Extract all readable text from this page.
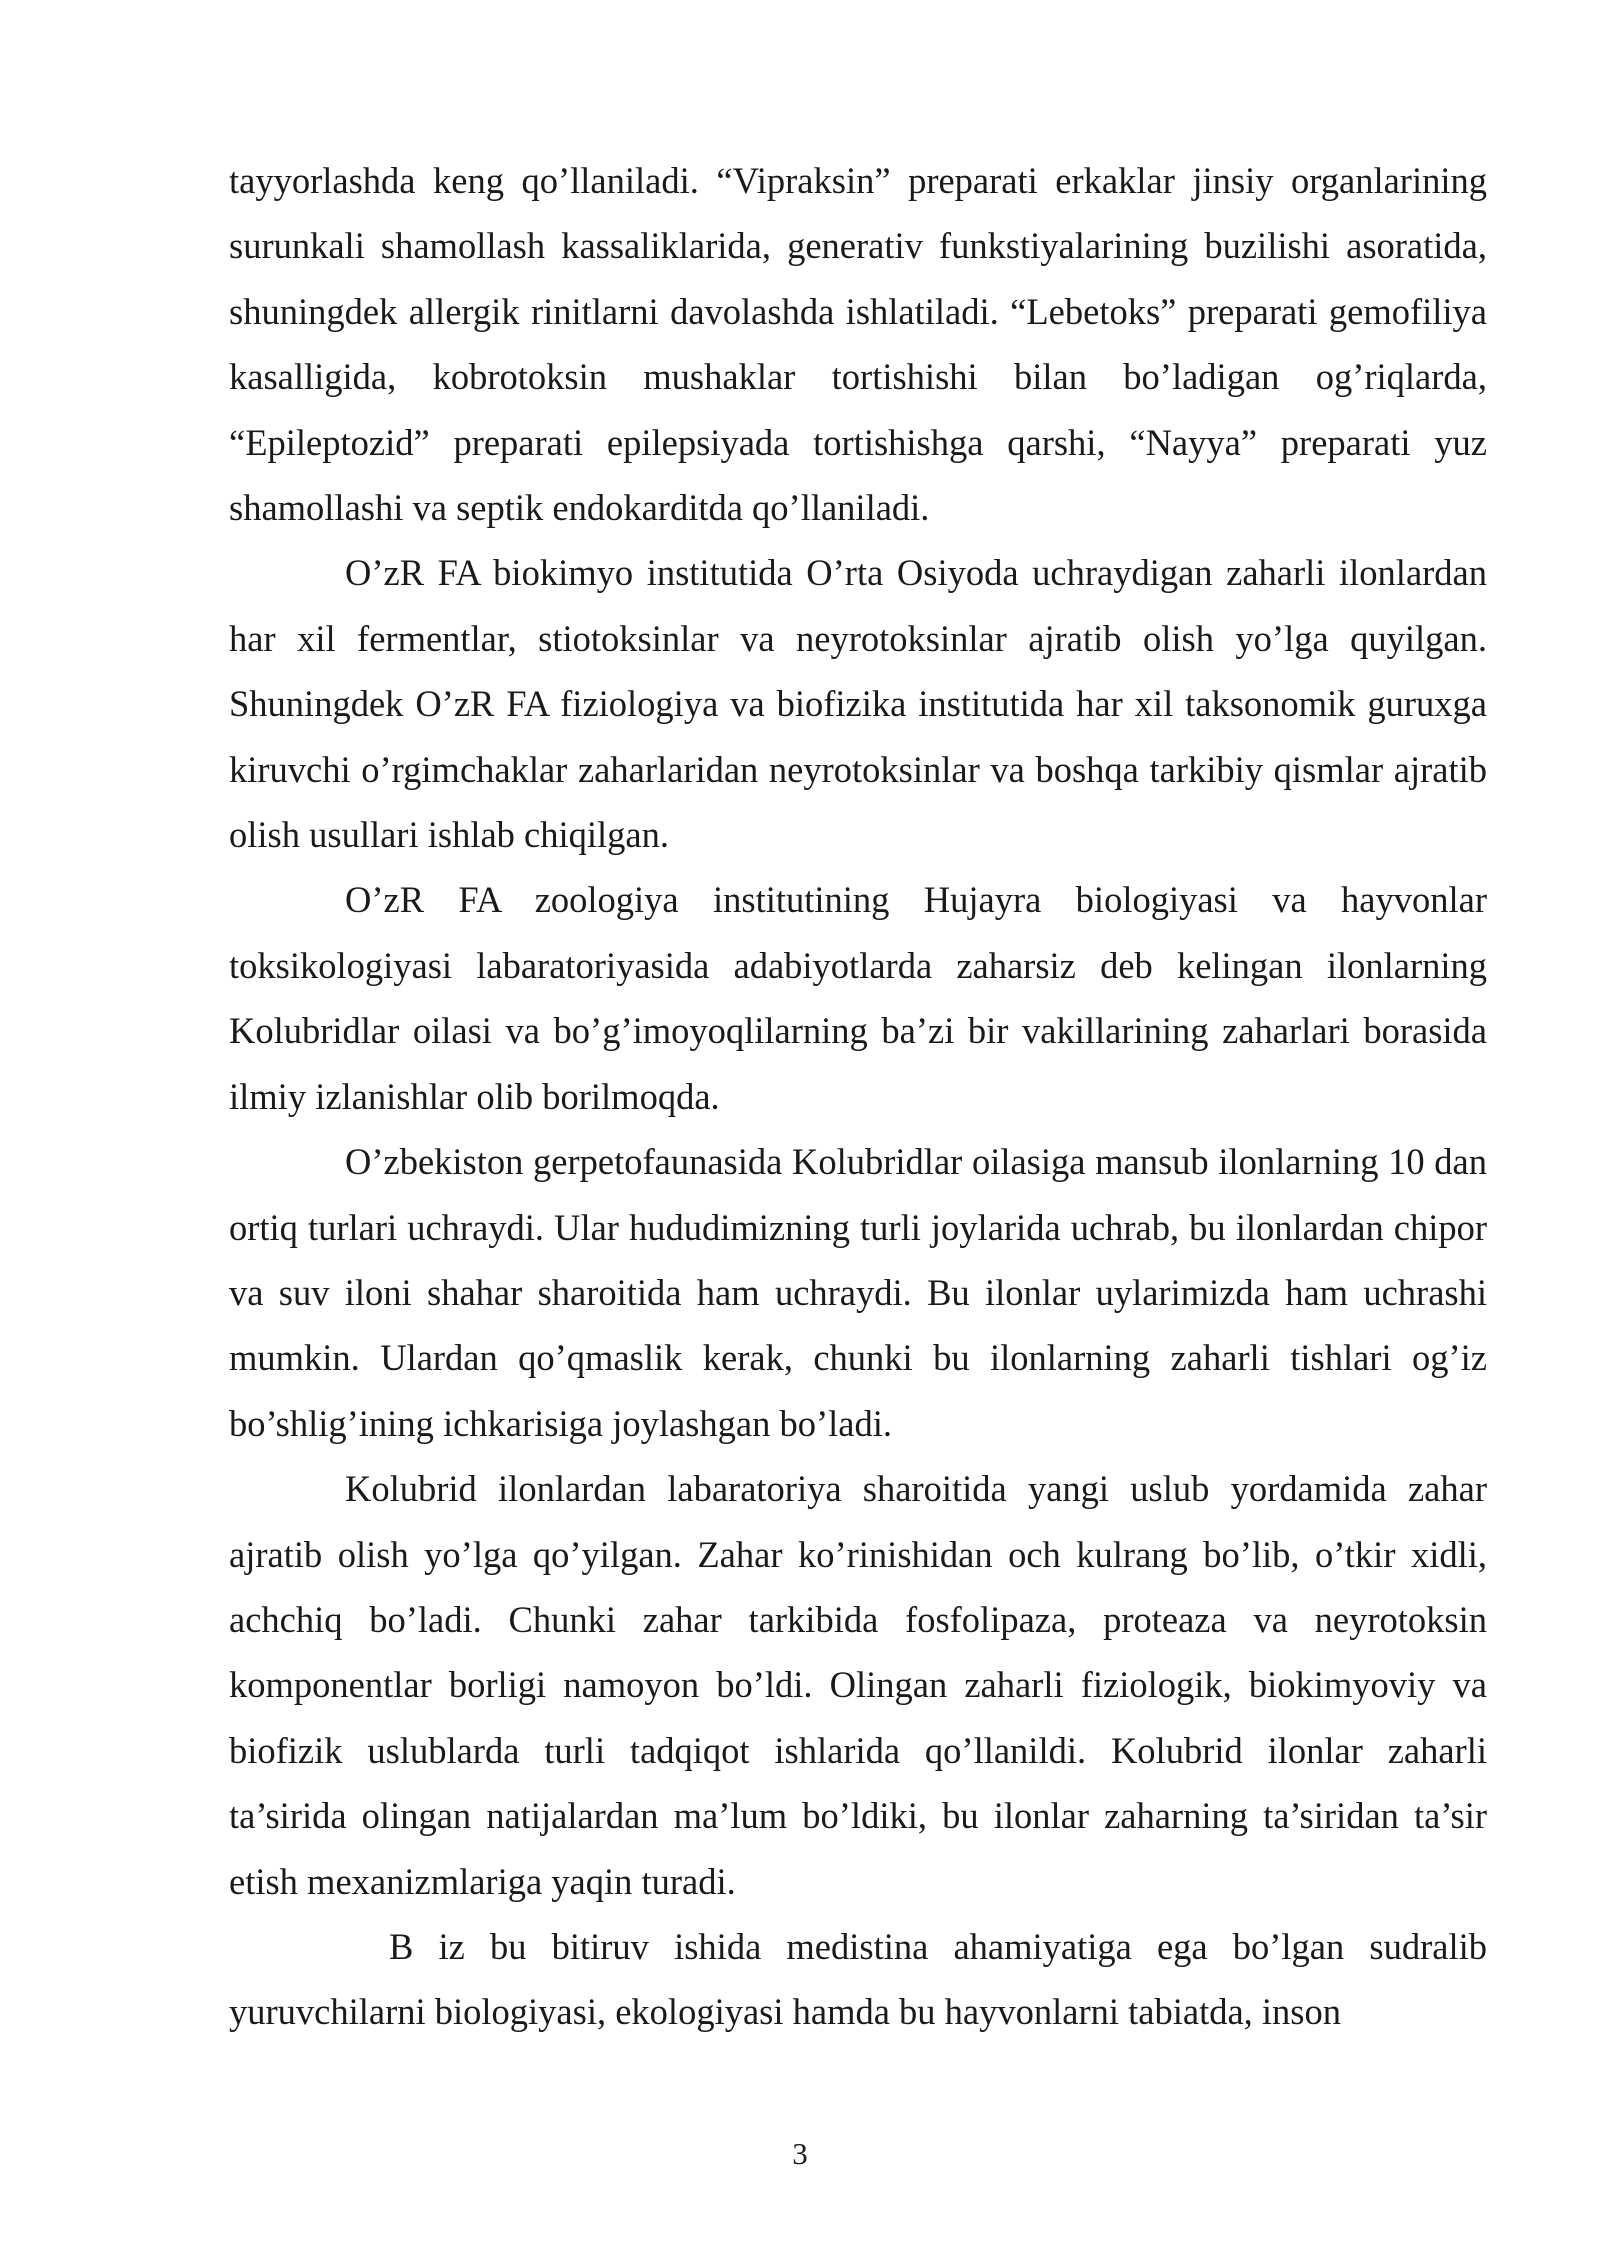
tayyorlashda keng qo’llaniladi. “Vipraksin” preparati erkaklar jinsiy organlarining surunkali shamollash kassaliklarida, generativ funkstiyalarining buzilishi asoratida, shuningdek allergik rinitlarni davolashda ishlatiladi. “Lebetoks” preparati gemofiliya kasalligida, kobrotoksin mushaklar tortishishi bilan bo’ladigan og’riqlarda, “Epileptozid” preparati epilepsiyada tortishishga qarshi, “Nayya” preparati yuz shamollashi va septik endokarditda qo’llaniladi.

O’zR FA biokimyo institutida O’rta Osiyoda uchraydigan zaharli ilonlardan har xil fermentlar, stiotoksinlar va neyrotoksinlar ajratib olish yo’lga quyilgan. Shuningdek O’zR FA fiziologiya va biofizika institutida har xil taksonomik guruxga kiruvchi o’rgimchaklar zaharlaridan neyrotoksinlar va boshqa tarkibiy qismlar ajratib olish usullari ishlab chiqilgan.

O’zR FA zoologiya institutining Hujayra biologiyasi va hayvonlar toksikologiyasi labaratoriyasida adabiyotlarda zaharsiz deb kelingan ilonlarning Kolubridlar oilasi va bo’g’imoyoqlilarning ba’zi bir vakillarining zaharlari borasida ilmiy izlanishlar olib borilmoqda.

O’zbekiston gerpetofaunasida Kolubridlar oilasiga mansub ilonlarning 10 dan ortiq turlari uchraydi. Ular hududimizning turli joylarida uchrab, bu ilonlardan chipor va suv iloni shahar sharoitida ham uchraydi. Bu ilonlar uylarimizda ham uchrashi mumkin. Ulardan qo’qmaslik kerak, chunki bu ilonlarning zaharli tishlari og’iz bo’shlig’ining ichkarisiga joylashgan bo’ladi.

Kolubrid ilonlardan labaratoriya sharoitida yangi uslub yordamida zahar ajratib olish yo’lga qo’yilgan. Zahar ko’rinishidan och kulrang bo’lib, o’tkir xidli, achchiq bo’ladi. Chunki zahar tarkibida fosfolipaza, proteaza va neyrotoksin komponentlar borligi namoyon bo’ldi. Olingan zaharli fiziologik, biokimyoviy va biofizik uslublarda turli tadqiqot ishlarida qo’llanildi. Kolubrid ilonlar zaharli ta’sirida olingan natijalardan ma’lum bo’ldiki, bu ilonlar zaharning ta’siridan ta’sir etish mexanizmlariga yaqin turadi.

B iz bu bitiruv ishida medistina ahamiyatiga ega bo’lgan sudralib yuruvchilarni biologiyasi, ekologiyasi hamda bu hayvonlarni tabiatda, inson

3
